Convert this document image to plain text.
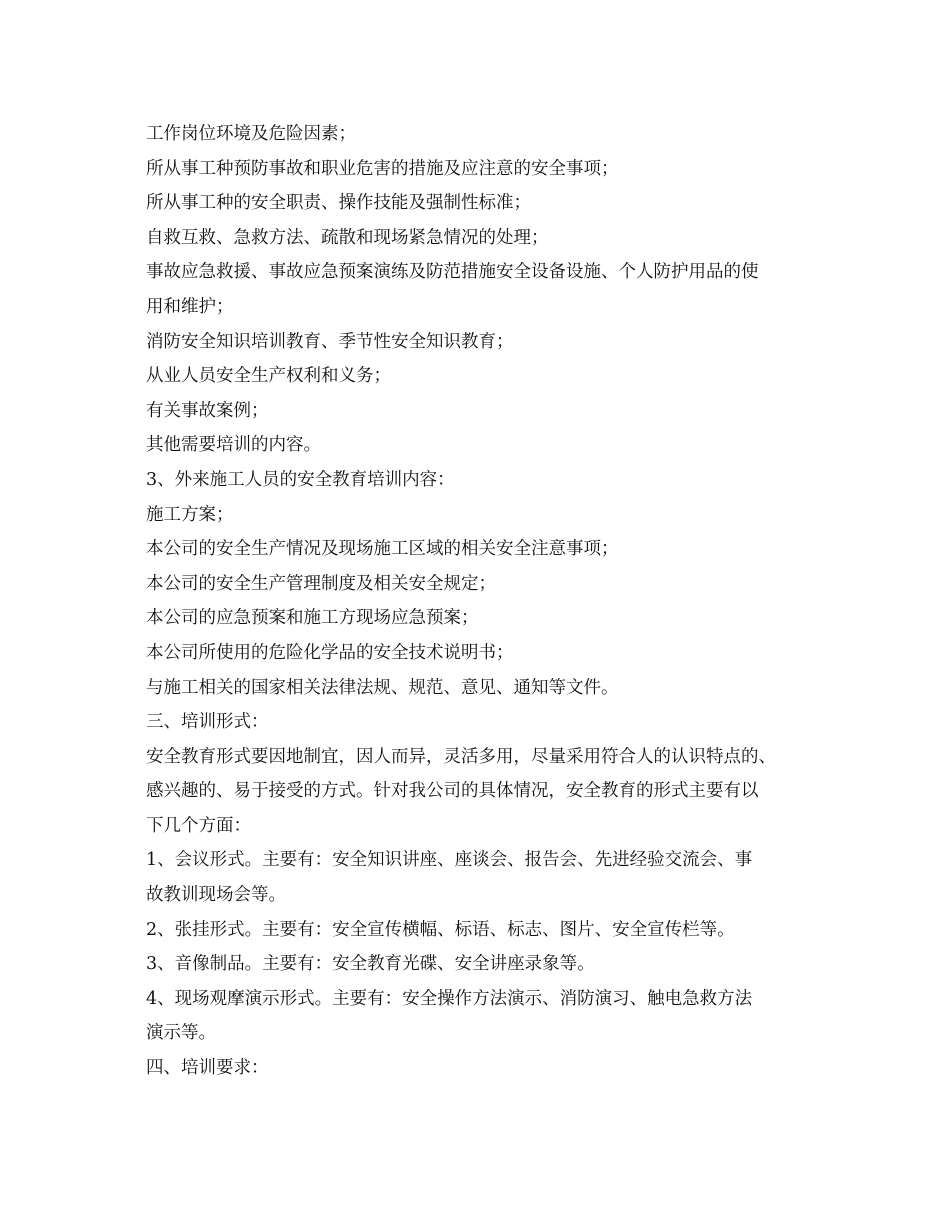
工作岗位环境及危险因素；
所从事工种预防事故和职业危害的措施及应注意的安全事项；
所从事工种的安全职责、操作技能及强制性标准；
自救互救、急救方法、疏散和现场紧急情况的处理；
事故应急救援、事故应急预案演练及防范措施安全设备设施、个人防护用品的使
用和维护；
消防安全知识培训教育、季节性安全知识教育；
从业人员安全生产权利和义务；
有关事故案例；
其他需要培训的内容。
3、外来施工人员的安全教育培训内容：
施工方案；
本公司的安全生产情况及现场施工区域的相关安全注意事项；
本公司的安全生产管理制度及相关安全规定；
本公司的应急预案和施工方现场应急预案；
本公司所使用的危险化学品的安全技术说明书；
与施工相关的国家相关法律法规、规范、意见、通知等文件。
三、培训形式：
安全教育形式要因地制宜，因人而异，灵活多用，尽量采用符合人的认识特点的、
感兴趣的、易于接受的方式。针对我公司的具体情况，安全教育的形式主要有以
下几个方面：
1、会议形式。主要有：安全知识讲座、座谈会、报告会、先进经验交流会、事
故教训现场会等。
2、张挂形式。主要有：安全宣传横幅、标语、标志、图片、安全宣传栏等。
3、音像制品。主要有：安全教育光碟、安全讲座录象等。
4、现场观摩演示形式。主要有：安全操作方法演示、消防演习、触电急救方法
演示等。
四、培训要求：
